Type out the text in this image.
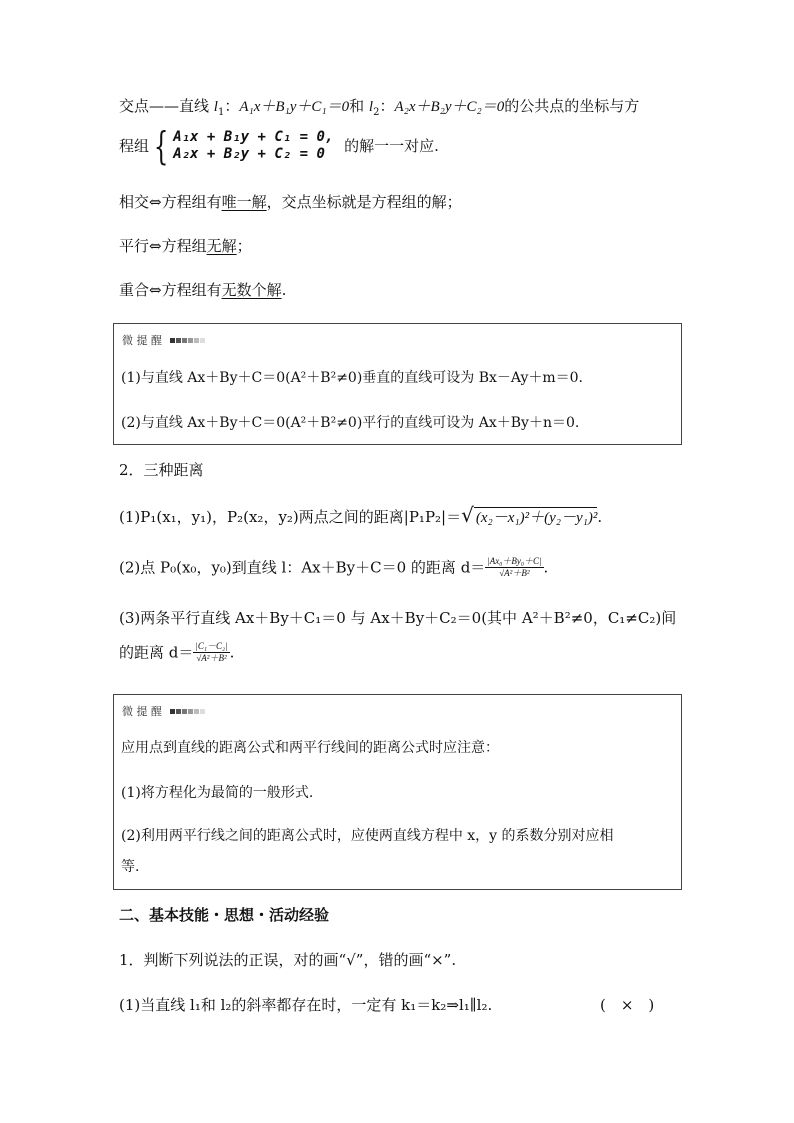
交点——直线 $l_1$：A₁x＋B₁y＋C₁＝0和 $l_2$：A₂x＋B₂y＋C₂＝0的公共点的坐标与方
程组 { A₁x + B₁y + C₁ = 0,
A₂x + B₂y + C₂ = 0 的解一一对应.
相交⇔方程组有唯一解，交点坐标就是方程组的解；
平行⇔方程组无解；
重合⇔方程组有无数个解.
微 提 醒
(1)与直线 Ax＋By＋C＝0(A²＋B²≠0)垂直的直线可设为 Bx－Ay＋m＝0.
(2)与直线 Ax＋By＋C＝0(A²＋B²≠0)平行的直线可设为 Ax＋By＋n＝0.
2．三种距离
(1)P₁(x₁，y₁)，P₂(x₂，y₂)两点之间的距离|P₁P₂|＝√ (x₂－x₁)²＋(y₂－y₁)².
(2)点 P₀(x₀，y₀)到直线 l：Ax＋By＋C＝0 的距离 $d= \frac{\text{|Ax₀＋By₀＋C|}}{\text{√A²＋B²}}$ .
(3)两条平行直线 Ax＋By＋C₁＝0 与 Ax＋By＋C₂＝0(其中 A²＋B²≠0，C₁≠C₂)间
的距离 $d= \frac{\text{|C₁－C₂|}}{\text{√A²＋B²}}$ .
微 提 醒
应用点到直线的距离公式和两平行线间的距离公式时应注意：
(1)将方程化为最简的一般形式.
(2)利用两平行线之间的距离公式时，应使两直线方程中 x，y 的系数分别对应相
等.
二、基本技能・思想・活动经验
1．判断下列说法的正误，对的画“√”，错的画“×”.
(1)当直线 l₁和 l₂的斜率都存在时，一定有 k₁＝k₂⇒l₁∥l₂.	(　×　)
